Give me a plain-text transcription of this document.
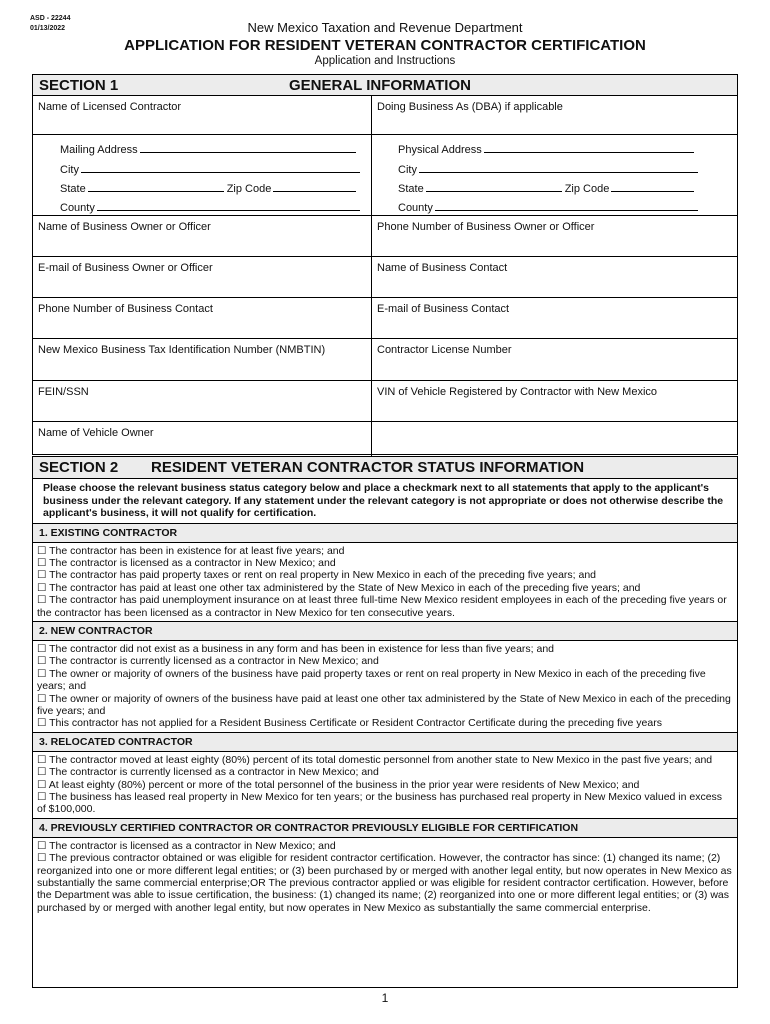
ASD - 22244
01/13/2022	New Mexico Taxation and Revenue Department
APPLICATION FOR RESIDENT VETERAN CONTRACTOR CERTIFICATION
Application and Instructions
SECTION 1	GENERAL INFORMATION
Name of Licensed Contractor	Doing Business As (DBA) if applicable
Mailing Address
City
State	Zip Code
County
Physical Address
City
State	Zip Code
County
Name of Business Owner or Officer	Phone Number of Business Owner or Officer
E-mail of Business Owner or Officer	Name of Business Contact
Phone Number of Business Contact	E-mail of Business Contact
New Mexico Business Tax Identification Number (NMBTIN)	Contractor License Number
FEIN/SSN	VIN of Vehicle Registered by Contractor with New Mexico
Name of Vehicle Owner
SECTION 2 RESIDENT VETERAN CONTRACTOR STATUS INFORMATION
Please choose the relevant business status category below and place a checkmark next to all statements that apply to the applicant's business under the relevant category. If any statement under the relevant category is not appropriate or does not otherwise describe the applicant's business, it will not qualify for certification.
1. EXISTING CONTRACTOR

☐ The contractor has been in existence for at least five years; and

☐ The contractor is licensed as a contractor in New Mexico; and

☐ The contractor has paid property taxes or rent on real property in New Mexico in each of the preceding five years; and

☐ The contractor has paid at least one other tax administered by the State of New Mexico in each of the preceding five years; and

☐ The contractor has paid unemployment insurance on at least three full-time New Mexico resident employees in each of the preceding five years or the contractor has been licensed as a contractor in New Mexico for ten consecutive years.

2. NEW CONTRACTOR

☐ The contractor did not exist as a business in any form and has been in existence for less than five years; and

☐ The contractor is currently licensed as a contractor in New Mexico; and

☐ The owner or majority of owners of the business have paid property taxes or rent on real property in New Mexico in each of the preceding five years; and

☐ The owner or majority of owners of the business have paid at least one other tax administered by the State of New Mexico in each of the preceding five years; and

☐ This contractor has not applied for a Resident Business Certificate or Resident Contractor Certificate during the preceding five years

3. RELOCATED CONTRACTOR

☐ The contractor moved at least eighty (80%) percent of its total domestic personnel from another state to New Mexico in the past five years; and

☐ The contractor is currently licensed as a contractor in New Mexico; and

☐ At least eighty (80%) percent or more of the total personnel of the business in the prior year were residents of New Mexico; and

☐ The business has leased real property in New Mexico for ten years; or the business has purchased real property in New Mexico valued in excess of $100,000.

4. PREVIOUSLY CERTIFIED CONTRACTOR OR CONTRACTOR PREVIOUSLY ELIGIBLE FOR CERTIFICATION

☐ The contractor is licensed as a contractor in New Mexico; and

☐ The previous contractor obtained or was eligible for resident contractor certification. However, the contractor has since: (1) changed its name; (2) reorganized into one or more different legal entities; or (3) been purchased by or merged with another legal entity, but now operates in New Mexico as substantially the same commercial enterprise;OR The previous contractor applied or was eligible for resident contractor certification. However, before the Department was able to issue certification, the business: (1) changed its name; (2) reorganized into one or more different legal entities; or (3) was purchased by or merged with another legal entity, but now operates in New Mexico as substantially the same commercial enterprise.

1
